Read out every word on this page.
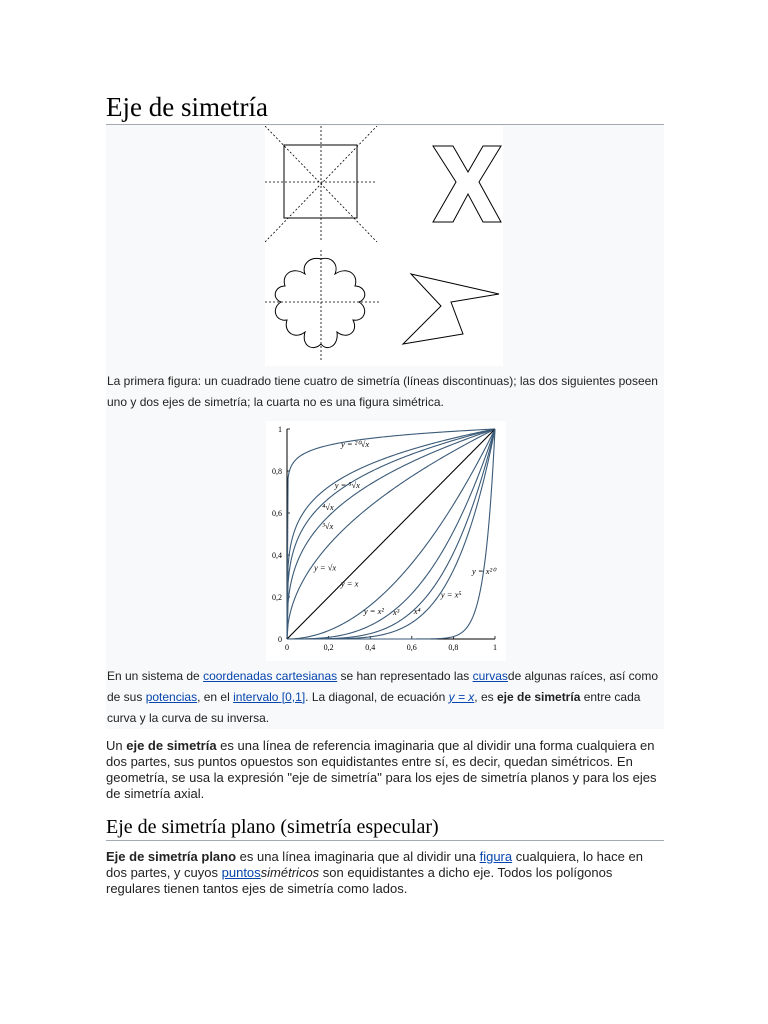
Eje de simetría
La primera figura: un cuadrado tiene cuatro de simetría (líneas discontinuas); las dos siguientes poseen uno y dos ejes de simetría; la cuarta no es una figura simétrica.
0	0,2	0,4	0,6	0,8	1
0
0,2
0,4
0,6
0,8
1
y = ²⁰√x
y = ⁵√x
⁴√x
³√x
y = √x
y = x
y = x² x³ x⁴
y = x⁵
y = x²⁰
En un sistema de coordenadas cartesianas se han representado las curvasde algunas raíces, así como de sus potencias, en el intervalo [0,1]. La diagonal, de ecuación y = x, es eje de simetría entre cada curva y la curva de su inversa.
Un eje de simetría es una línea de referencia imaginaria que al dividir una forma cualquiera en dos partes, sus puntos opuestos son equidistantes entre sí, es decir, quedan simétricos. En geometría, se usa la expresión "eje de simetría" para los ejes de simetría planos y para los ejes de simetría axial.
Eje de simetría plano (simetría especular)
Eje de simetría plano es una línea imaginaria que al dividir una figura cualquiera, lo hace en dos partes, y cuyos puntossimétricos son equidistantes a dicho eje. Todos los polígonos regulares tienen tantos ejes de simetría como lados.
